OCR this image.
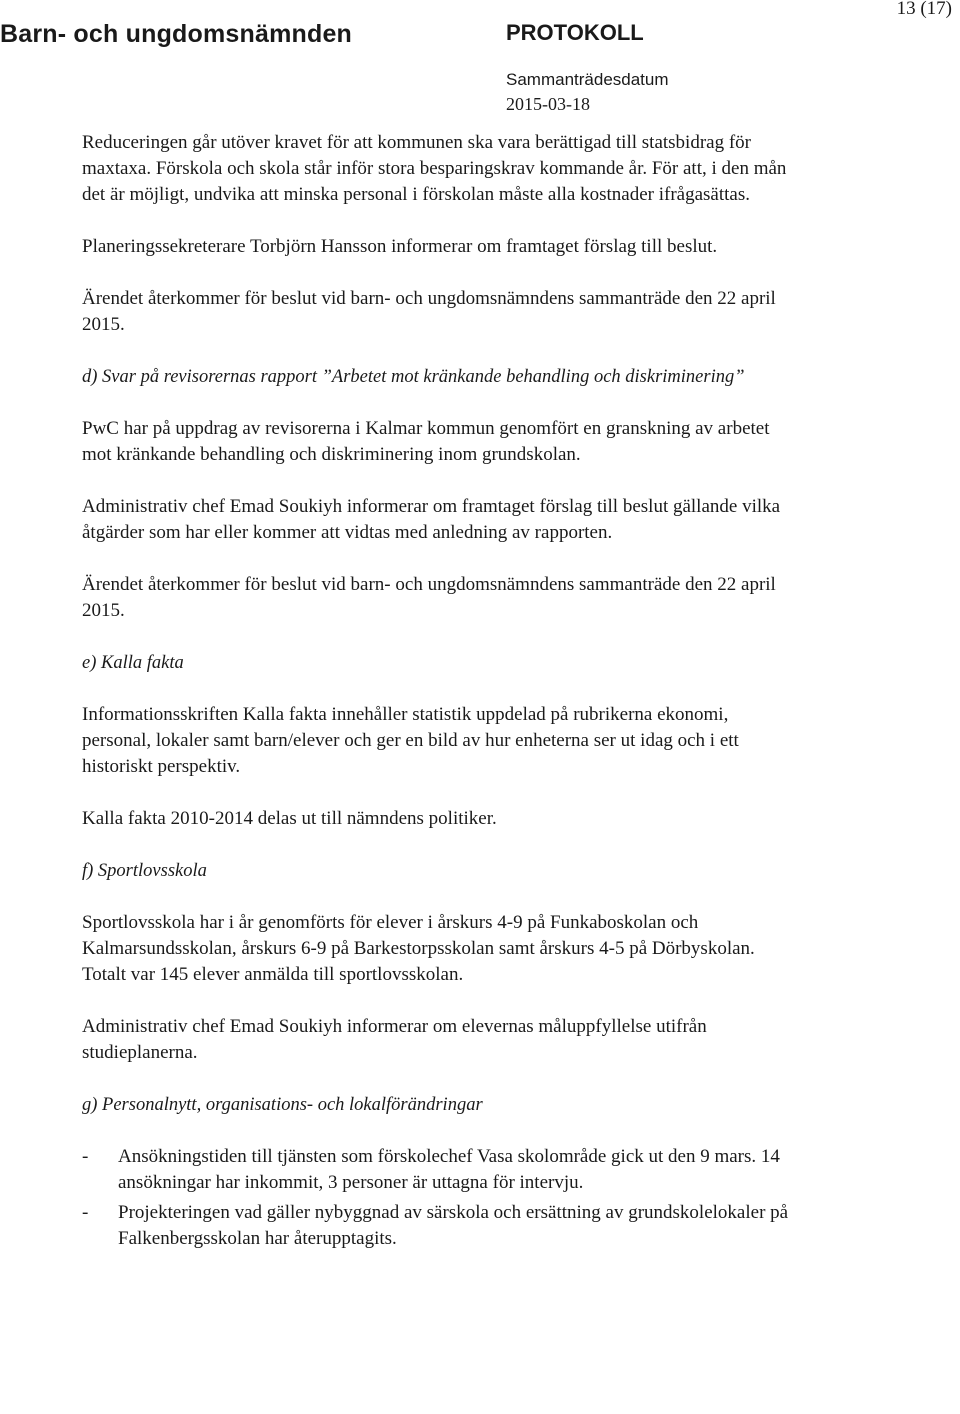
Barn- och ungdomsnämnden	PROTOKOLL
Sammanträdesdatum
2015-03-18
13 (17)

Reduceringen går utöver kravet för att kommunen ska vara berättigad till statsbidrag för maxtaxa. Förskola och skola står inför stora besparingskrav kommande år. För att, i den mån det är möjligt, undvika att minska personal i förskolan måste alla kostnader ifrågasättas.

Planeringssekreterare Torbjörn Hansson informerar om framtaget förslag till beslut.

Ärendet återkommer för beslut vid barn- och ungdomsnämndens sammanträde den 22 april 2015.

d) Svar på revisorernas rapport ”Arbetet mot kränkande behandling och diskriminering”

PwC har på uppdrag av revisorerna i Kalmar kommun genomfört en granskning av arbetet mot kränkande behandling och diskriminering inom grundskolan.

Administrativ chef Emad Soukiyh informerar om framtaget förslag till beslut gällande vilka åtgärder som har eller kommer att vidtas med anledning av rapporten.

Ärendet återkommer för beslut vid barn- och ungdomsnämndens sammanträde den 22 april 2015.

e) Kalla fakta

Informationsskriften Kalla fakta innehåller statistik uppdelad på rubrikerna ekonomi, personal, lokaler samt barn/elever och ger en bild av hur enheterna ser ut idag och i ett historiskt perspektiv.

Kalla fakta 2010-2014 delas ut till nämndens politiker.

f) Sportlovsskola

Sportlovsskola har i år genomförts för elever i årskurs 4-9 på Funkaboskolan och Kalmarsundsskolan, årskurs 6-9 på Barkestorpsskolan samt årskurs 4-5 på Dörbyskolan. Totalt var 145 elever anmälda till sportlovsskolan.

Administrativ chef Emad Soukiyh informerar om elevernas måluppfyllelse utifrån studieplanerna.

g) Personalnytt, organisations- och lokalförändringar

- Ansökningstiden till tjänsten som förskolechef Vasa skolområde gick ut den 9 mars. 14 ansökningar har inkommit, 3 personer är uttagna för intervju.
- Projekteringen vad gäller nybyggnad av särskola och ersättning av grundskolelokaler på Falkenbergsskolan har återupptagits.
